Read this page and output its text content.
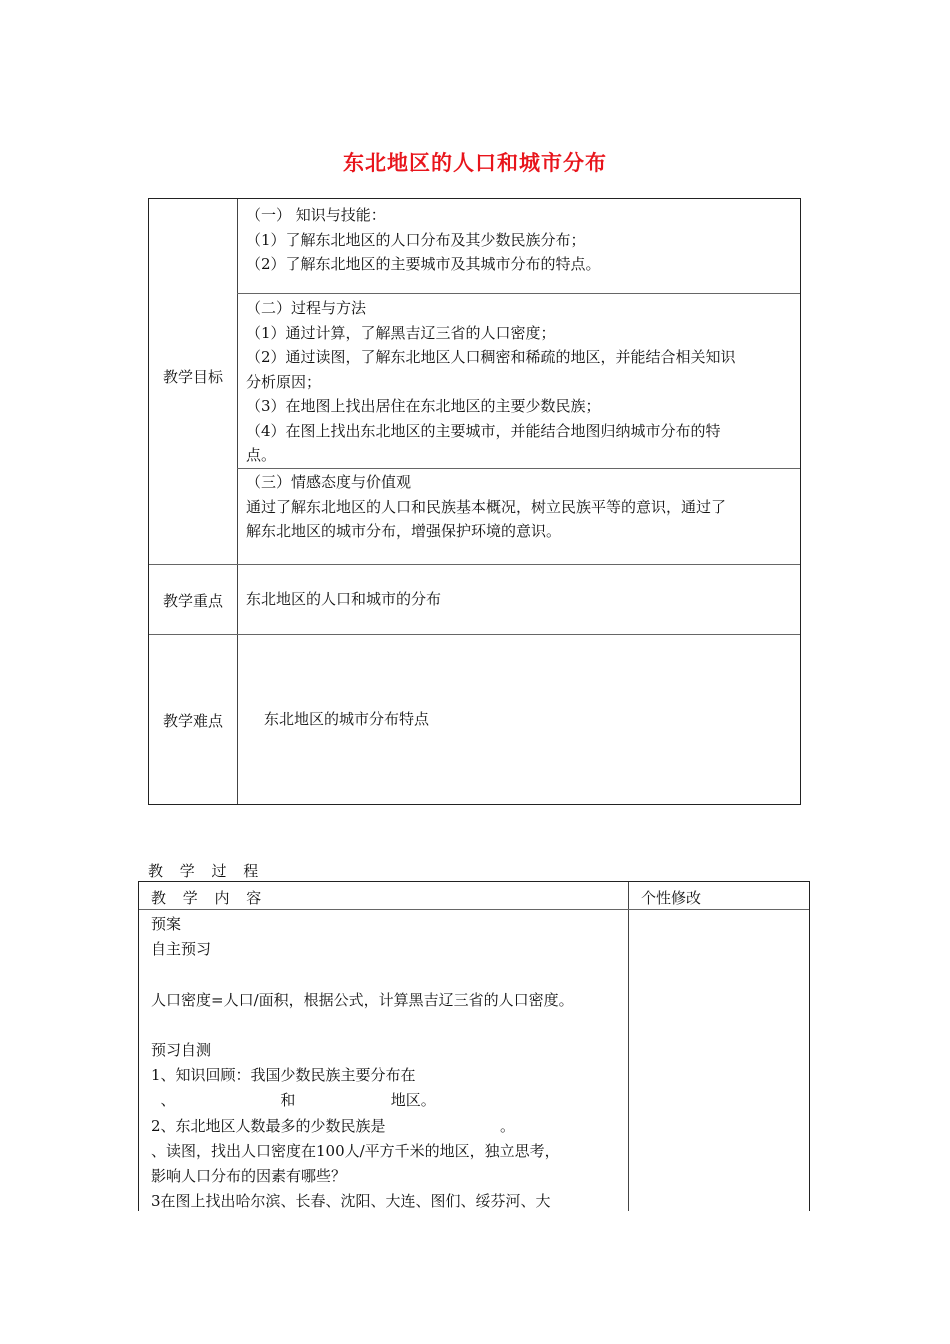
东北地区的人口和城市分布
教学目标

（一） 知识与技能：

（1）了解东北地区的人口分布及其少数民族分布；

（2）了解东北地区的主要城市及其城市分布的特点。

（二）过程与方法

（1）通过计算，了解黑吉辽三省的人口密度；

（2）通过读图，了解东北地区人口稠密和稀疏的地区，并能结合相关知识

分析原因；

（3）在地图上找出居住在东北地区的主要少数民族；

（4）在图上找出东北地区的主要城市，并能结合地图归纳城市分布的特

点。

（三）情感态度与价值观

通过了解东北地区的人口和民族基本概况，树立民族平等的意识，通过了

解东北地区的城市分布，增强保护环境的意识。

教学重点	东北地区的人口和城市的分布
教学难点	东北地区的城市分布特点
教 学 过 程
教 学 内 容	个性修改

预案

自主预习

人口密度=人口/面积，根据公式，计算黑吉辽三省的人口密度。

预习自测

1、知识回顾：我国少数民族主要分布在

、                      和                    地区。

2、东北地区人数最多的少数民族是                        。

、读图，找出人口密度在100人/平方千米的地区，独立思考，

影响人口分布的因素有哪些？

3在图上找出哈尔滨、长春、沈阳、大连、图们、绥芬河、大
